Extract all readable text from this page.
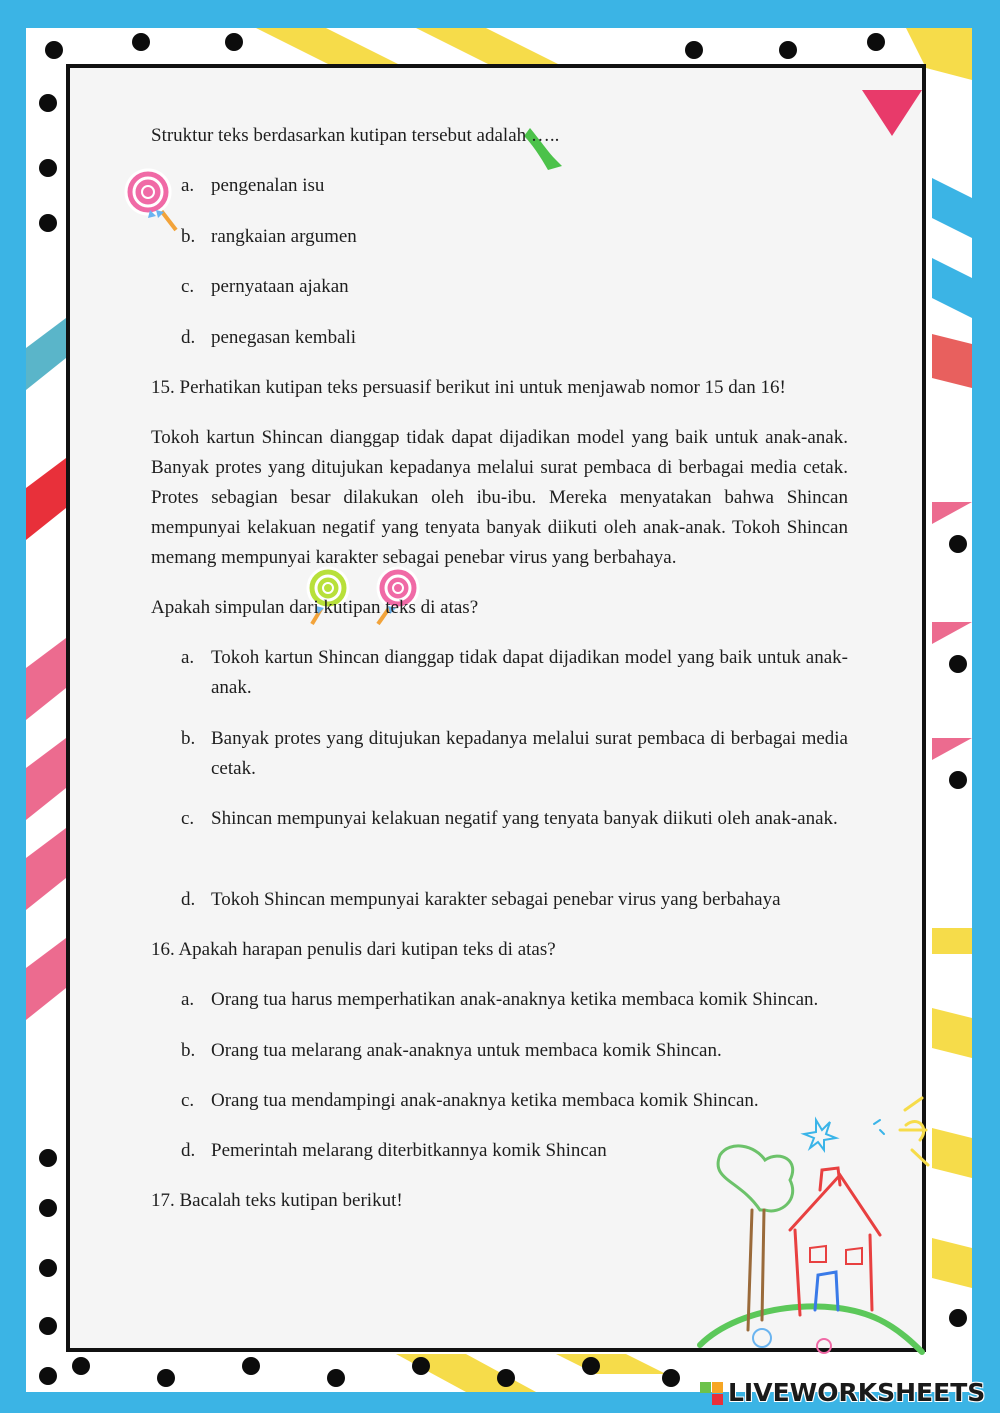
Struktur teks berdasarkan kutipan tersebut adalah …..
a. pengenalan isu
b. rangkaian argumen
c. pernyataan ajakan
d. penegasan kembali
15. Perhatikan kutipan teks persuasif berikut ini untuk menjawab nomor 15 dan 16!
Tokoh kartun Shincan dianggap tidak dapat dijadikan model yang baik untuk anak-anak. Banyak protes yang ditujukan kepadanya melalui surat pembaca di berbagai media cetak. Protes sebagian besar dilakukan oleh ibu-ibu. Mereka menyatakan bahwa Shincan mempunyai kelakuan negatif yang tenyata banyak diikuti oleh anak-anak. Tokoh Shincan memang mempunyai karakter sebagai penebar virus yang berbahaya.
Apakah simpulan dari kutipan teks di atas?
a. Tokoh kartun Shincan dianggap tidak dapat dijadikan model yang baik untuk anak-anak.
b. Banyak protes yang ditujukan kepadanya melalui surat pembaca di berbagai media cetak.
c. Shincan mempunyai kelakuan negatif yang tenyata banyak diikuti oleh anak-anak.
d. Tokoh Shincan mempunyai karakter sebagai penebar virus yang berbahaya
16. Apakah harapan penulis dari kutipan teks di atas?
a. Orang tua harus memperhatikan anak-anaknya ketika membaca komik Shincan.
b. Orang tua melarang anak-anaknya untuk membaca komik Shincan.
c. Orang tua mendampingi anak-anaknya ketika membaca komik Shincan.
d. Pemerintah melarang diterbitkannya komik Shincan
17. Bacalah teks kutipan berikut!
LIVEWORKSHEETS
